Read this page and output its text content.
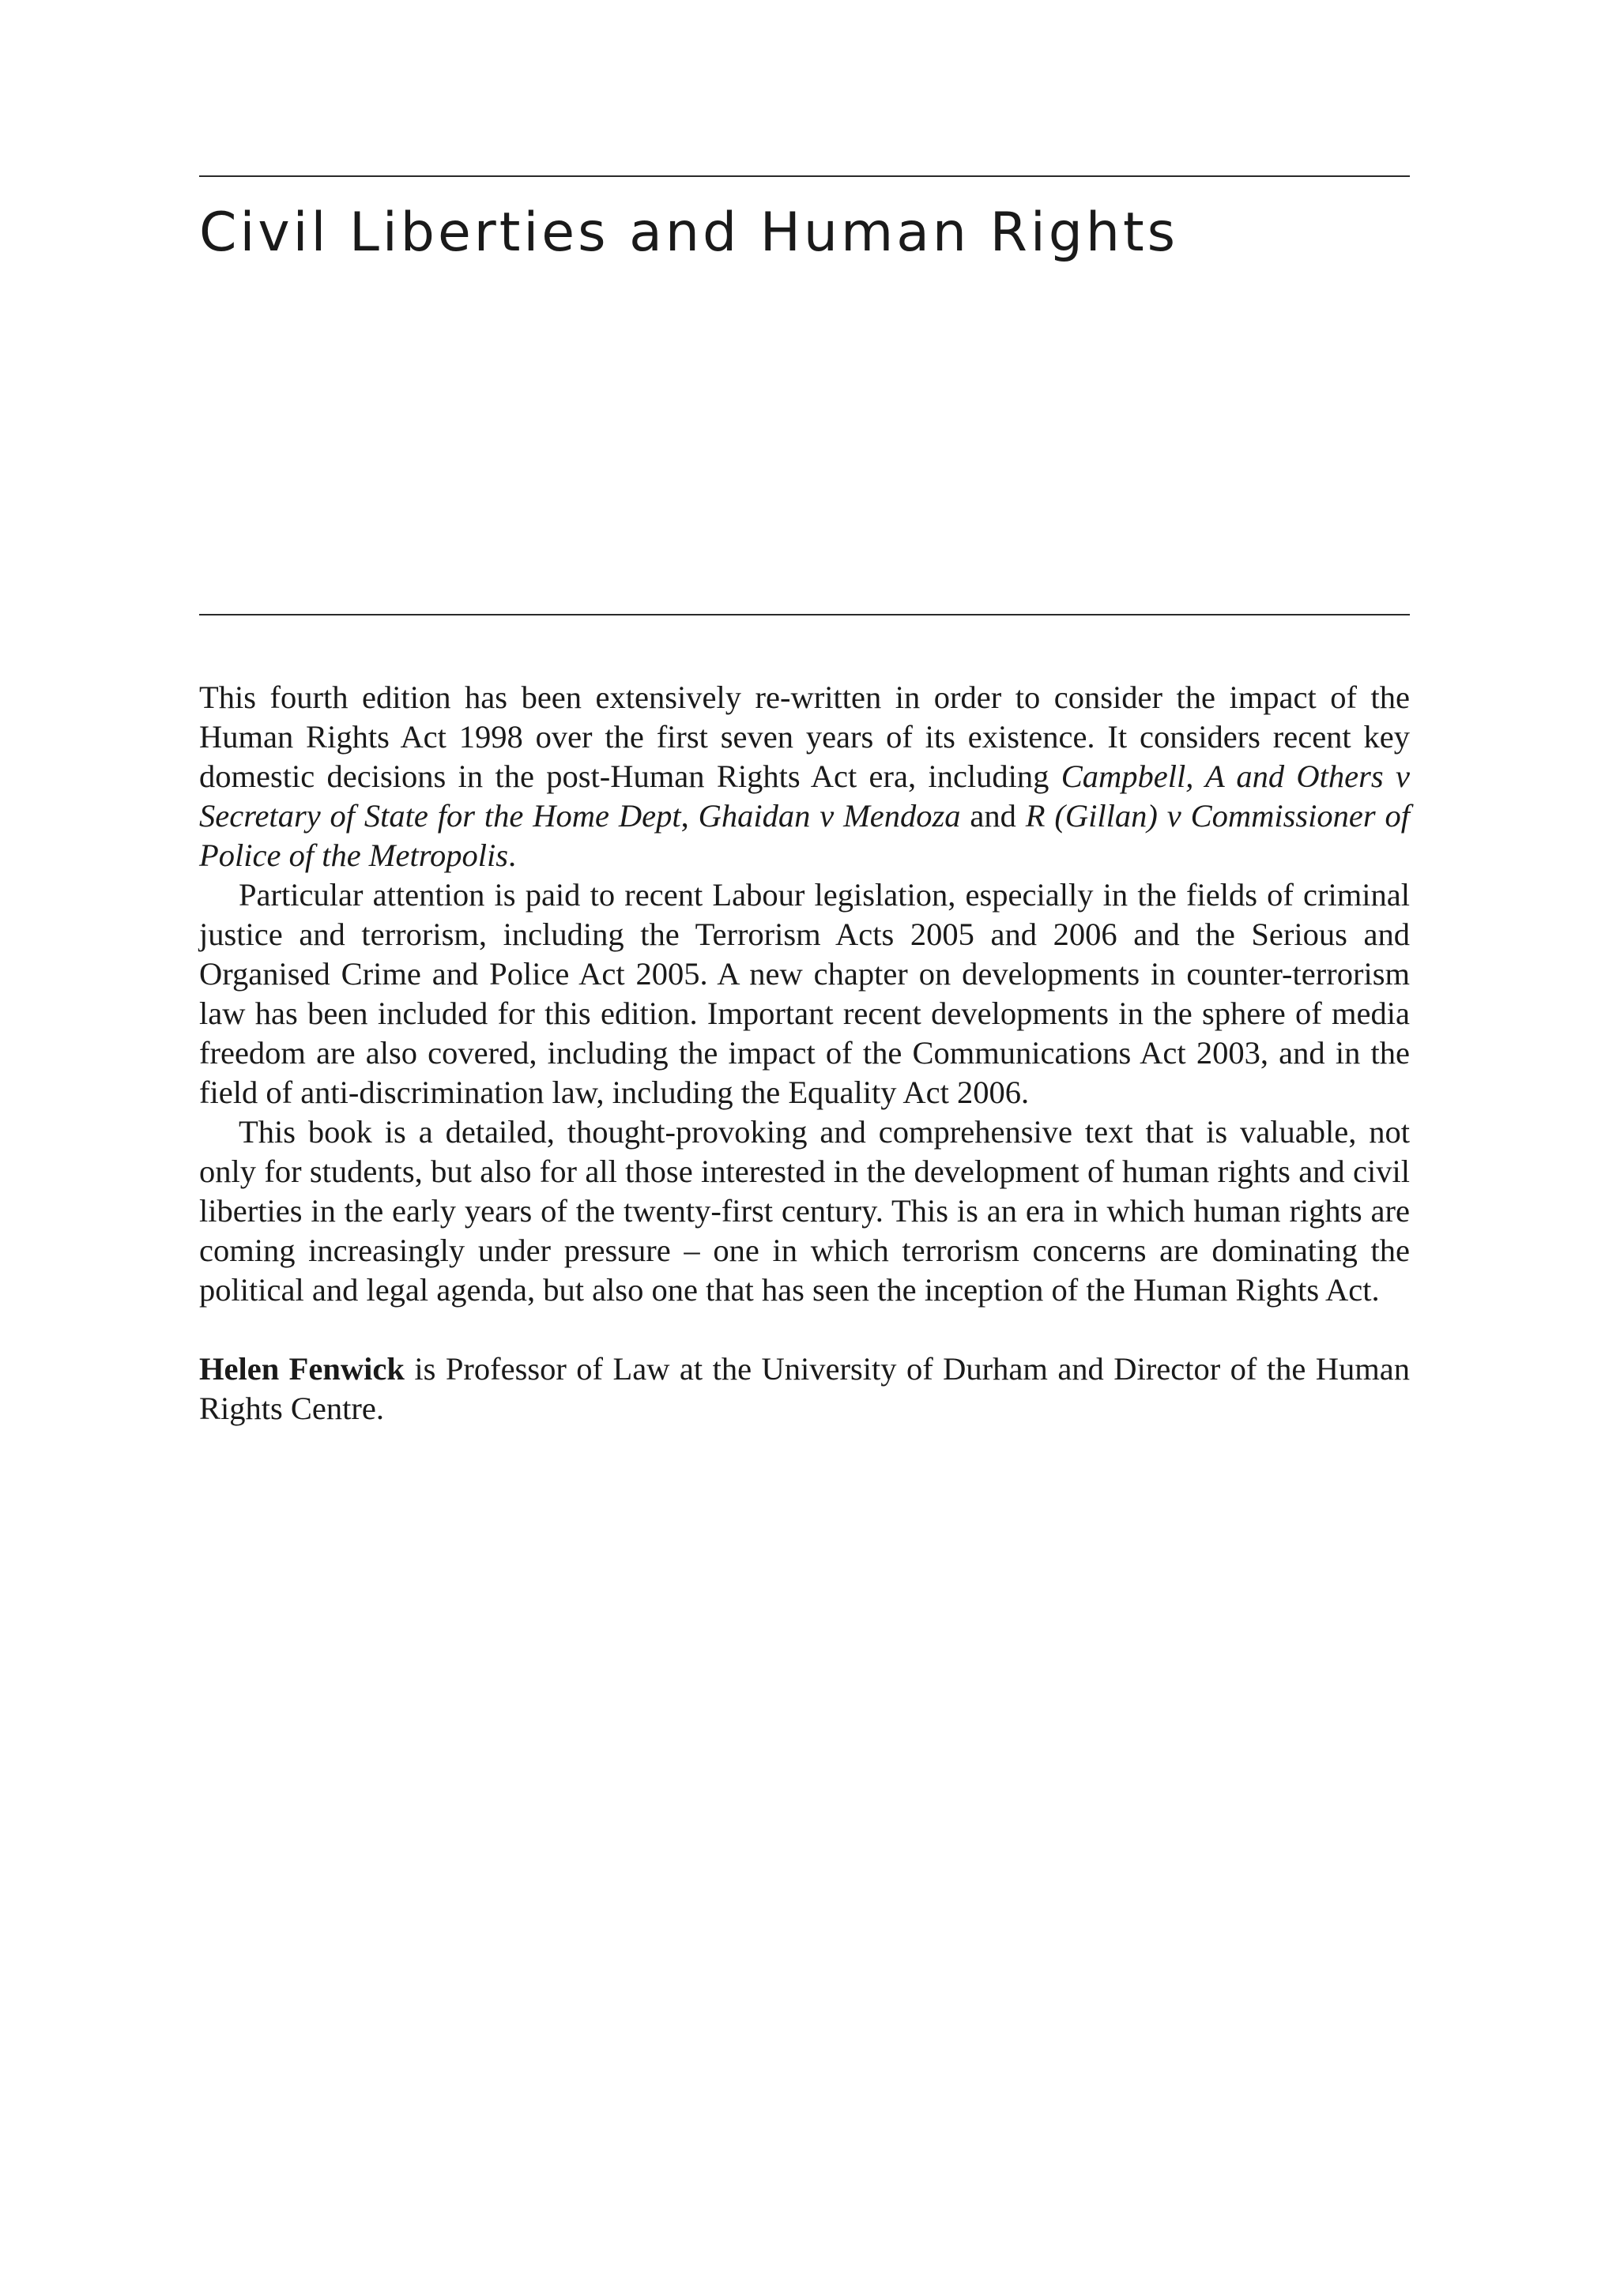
Civil Liberties and Human Rights

This fourth edition has been extensively re-written in order to consider the impact of the Human Rights Act 1998 over the first seven years of its existence. It considers recent key domestic decisions in the post-Human Rights Act era, including Campbell, A and Others v Secretary of State for the Home Dept, Ghaidan v Mendoza and R (Gillan) v Commissioner of Police of the Metropolis.

Particular attention is paid to recent Labour legislation, especially in the fields of criminal justice and terrorism, including the Terrorism Acts 2005 and 2006 and the Serious and Organised Crime and Police Act 2005. A new chapter on developments in counter-terrorism law has been included for this edition. Important recent developments in the sphere of media freedom are also covered, including the impact of the Communications Act 2003, and in the field of anti-discrimination law, including the Equality Act 2006.

This book is a detailed, thought-provoking and comprehensive text that is valuable, not only for students, but also for all those interested in the development of human rights and civil liberties in the early years of the twenty-first century. This is an era in which human rights are coming increasingly under pressure – one in which terrorism concerns are dominating the political and legal agenda, but also one that has seen the inception of the Human Rights Act.

Helen Fenwick is Professor of Law at the University of Durham and Director of the Human Rights Centre.
